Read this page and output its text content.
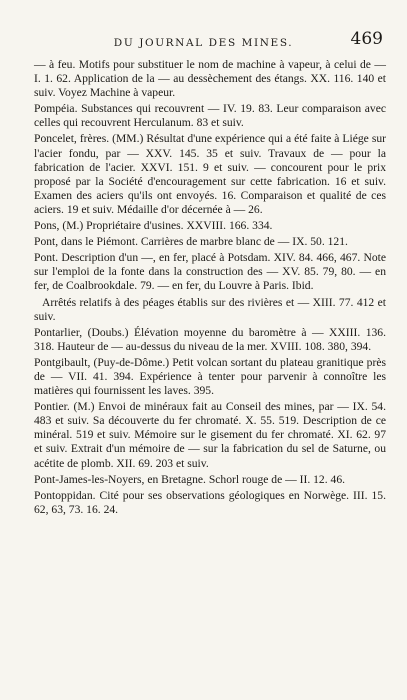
DU JOURNAL DES MINES.	469

— à feu. Motifs pour substituer le nom de machine à vapeur, à celui de — I. 1. 62. Application de la — au dessèchement des étangs. XX. 116. 140 et suiv. Voyez Machine à vapeur.

Pompéia. Substances qui recouvrent — IV. 19. 83. Leur comparaison avec celles qui recouvrent Herculanum. 83 et suiv.

Poncelet, frères. (MM.) Résultat d'une expérience qui a été faite à Liége sur l'acier fondu, par — XXV. 145. 35 et suiv. Travaux de — pour la fabrication de l'acier. XXVI. 151. 9 et suiv. — concourent pour le prix proposé par la Société d'encouragement sur cette fabrication. 16 et suiv. Examen des aciers qu'ils ont envoyés. 16. Comparaison et qualité de ces aciers. 19 et suiv. Médaille d'or décernée à — 26.

Pons, (M.) Propriétaire d'usines. XXVIII. 166. 334.

Pont, dans le Piémont. Carrières de marbre blanc de — IX. 50. 121.

Pont. Description d'un —, en fer, placé à Potsdam. XIV. 84. 466, 467. Note sur l'emploi de la fonte dans la construction des — XV. 85. 79, 80. — en fer, de Coalbrookdale. 79. — en fer, du Louvre à Paris. Ibid.

Arrêtés relatifs à des péages établis sur des rivières et — XIII. 77. 412 et suiv.

Pontarlier, (Doubs.) Élévation moyenne du baromètre à — XXIII. 136. 318. Hauteur de — au-dessus du niveau de la mer. XVIII. 108. 380, 394.

Pontgibault, (Puy-de-Dôme.) Petit volcan sortant du plateau granitique près de — VII. 41. 394. Expérience à tenter pour parvenir à connoître les matières qui fournissent les laves. 395.

Pontier. (M.) Envoi de minéraux fait au Conseil des mines, par — IX. 54. 483 et suiv. Sa découverte du fer chromaté. X. 55. 519. Description de ce minéral. 519 et suiv. Mémoire sur le gisement du fer chromaté. XI. 62. 97 et suiv. Extrait d'un mémoire de — sur la fabrication du sel de Saturne, ou acétite de plomb. XII. 69. 203 et suiv.

Pont-James-les-Noyers, en Bretagne. Schorl rouge de — II. 12. 46.

Pontoppidan. Cité pour ses observations géologiques en Norwège. III. 15. 62, 63, 73. 16. 24.
